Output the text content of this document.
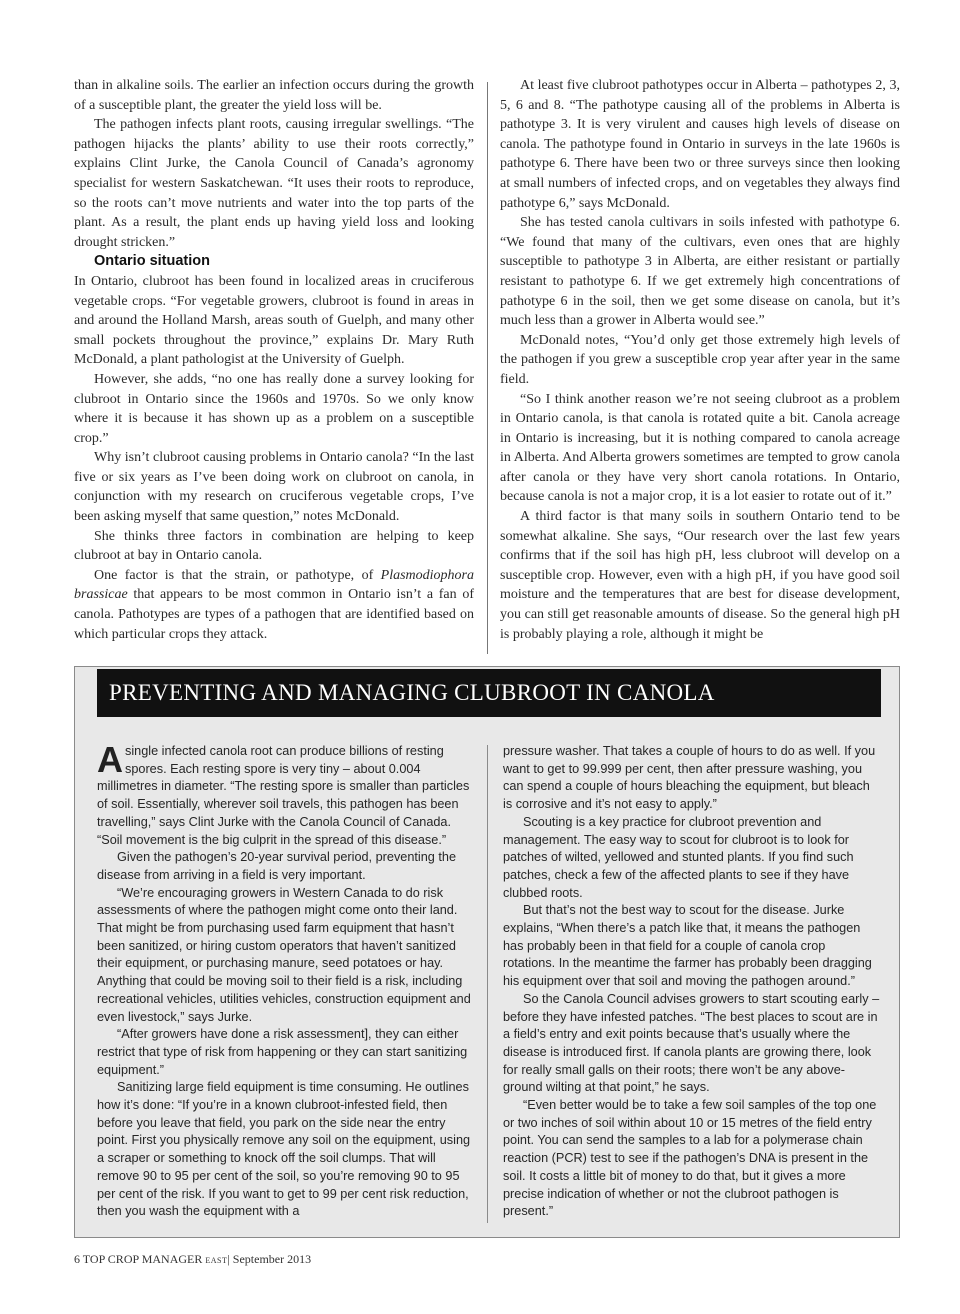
than in alkaline soils. The earlier an infection occurs during the growth of a susceptible plant, the greater the yield loss will be.

The pathogen infects plant roots, causing irregular swellings. “The pathogen hijacks the plants’ ability to use their roots correctly,” explains Clint Jurke, the Canola Council of Canada’s agronomy specialist for western Saskatchewan. “It uses their roots to reproduce, so the roots can’t move nutrients and water into the top parts of the plant. As a result, the plant ends up having yield loss and looking drought stricken.”

Ontario situation

In Ontario, clubroot has been found in localized areas in cruciferous vegetable crops. “For vegetable growers, clubroot is found in areas in and around the Holland Marsh, areas south of Guelph, and many other small pockets throughout the province,” explains Dr. Mary Ruth McDonald, a plant pathologist at the University of Guelph.

However, she adds, “no one has really done a survey looking for clubroot in Ontario since the 1960s and 1970s. So we only know where it is because it has shown up as a problem on a susceptible crop.”

Why isn’t clubroot causing problems in Ontario canola? “In the last five or six years as I’ve been doing work on clubroot on canola, in conjunction with my research on cruciferous vegetable crops, I’ve been asking myself that same question,” notes McDonald.

She thinks three factors in combination are helping to keep clubroot at bay in Ontario canola.

One factor is that the strain, or pathotype, of Plasmodiophora brassicae that appears to be most common in Ontario isn’t a fan of canola. Pathotypes are types of a pathogen that are identified based on which particular crops they attack.

At least five clubroot pathotypes occur in Alberta – pathotypes 2, 3, 5, 6 and 8. “The pathotype causing all of the problems in Alberta is pathotype 3. It is very virulent and causes high levels of disease on canola. The pathotype found in Ontario in surveys in the late 1960s is pathotype 6. There have been two or three surveys since then looking at small numbers of infected crops, and on vegetables they always find pathotype 6,” says McDonald.

She has tested canola cultivars in soils infested with pathotype 6. “We found that many of the cultivars, even ones that are highly susceptible to pathotype 3 in Alberta, are either resistant or partially resistant to pathotype 6. If we get extremely high concentrations of pathotype 6 in the soil, then we get some disease on canola, but it’s much less than a grower in Alberta would see.”

McDonald notes, “You’d only get those extremely high levels of the pathogen if you grew a susceptible crop year after year in the same field.

“So I think another reason we’re not seeing clubroot as a problem in Ontario canola, is that canola is rotated quite a bit. Canola acreage in Ontario is increasing, but it is nothing compared to canola acreage in Alberta. And Alberta growers sometimes are tempted to grow canola after canola or they have very short canola rotations. In Ontario, because canola is not a major crop, it is a lot easier to rotate out of it.”

A third factor is that many soils in southern Ontario tend to be somewhat alkaline. She says, “Our research over the last few years confirms that if the soil has high pH, less clubroot will develop on a susceptible crop. However, even with a high pH, if you have good soil moisture and the temperatures that are best for disease development, you can still get reasonable amounts of disease. So the general high pH is probably playing a role, although it might be

PREVENTING AND MANAGING CLUBROOT IN CANOLA

Asingle infected canola root can produce billions of resting spores. Each resting spore is very tiny – about 0.004 millimetres in diameter. “The resting spore is smaller than particles of soil. Essentially, wherever soil travels, this pathogen has been travelling,” says Clint Jurke with the Canola Council of Canada. “Soil movement is the big culprit in the spread of this disease.”

Given the pathogen’s 20-year survival period, preventing the disease from arriving in a field is very important.

“We’re encouraging growers in Western Canada to do risk assessments of where the pathogen might come onto their land. That might be from purchasing used farm equipment that hasn’t been sanitized, or hiring custom operators that haven’t sanitized their equipment, or purchasing manure, seed potatoes or hay. Anything that could be moving soil to their field is a risk, including recreational vehicles, utilities vehicles, construction equipment and even livestock,” says Jurke.

“After growers have done a risk assessment], they can either restrict that type of risk from happening or they can start sanitizing equipment.”

Sanitizing large field equipment is time consuming. He outlines how it’s done: “If you’re in a known clubroot-infested field, then before you leave that field, you park on the side near the entry point. First you physically remove any soil on the equipment, using a scraper or something to knock off the soil clumps. That will remove 90 to 95 per cent of the soil, so you’re removing 90 to 95 per cent of the risk. If you want to get to 99 per cent risk reduction, then you wash the equipment with a

pressure washer. That takes a couple of hours to do as well. If you want to get to 99.999 per cent, then after pressure washing, you can spend a couple of hours bleaching the equipment, but bleach is corrosive and it’s not easy to apply.”

Scouting is a key practice for clubroot prevention and management. The easy way to scout for clubroot is to look for patches of wilted, yellowed and stunted plants. If you find such patches, check a few of the affected plants to see if they have clubbed roots.

But that’s not the best way to scout for the disease. Jurke explains, “When there’s a patch like that, it means the pathogen has probably been in that field for a couple of canola crop rotations. In the meantime the farmer has probably been dragging his equipment over that soil and moving the pathogen around.”

So the Canola Council advises growers to start scouting early – before they have infested patches. “The best places to scout are in a field’s entry and exit points because that’s usually where the disease is introduced first. If canola plants are growing there, look for really small galls on their roots; there won’t be any above-ground wilting at that point,” he says.

“Even better would be to take a few soil samples of the top one or two inches of soil within about 10 or 15 metres of the field entry point. You can send the samples to a lab for a polymerase chain reaction (PCR) test to see if the pathogen’s DNA is present in the soil. It costs a little bit of money to do that, but it gives a more precise indication of whether or not the clubroot pathogen is present.”

6 TOP CROP MANAGER EAST| September 2013
